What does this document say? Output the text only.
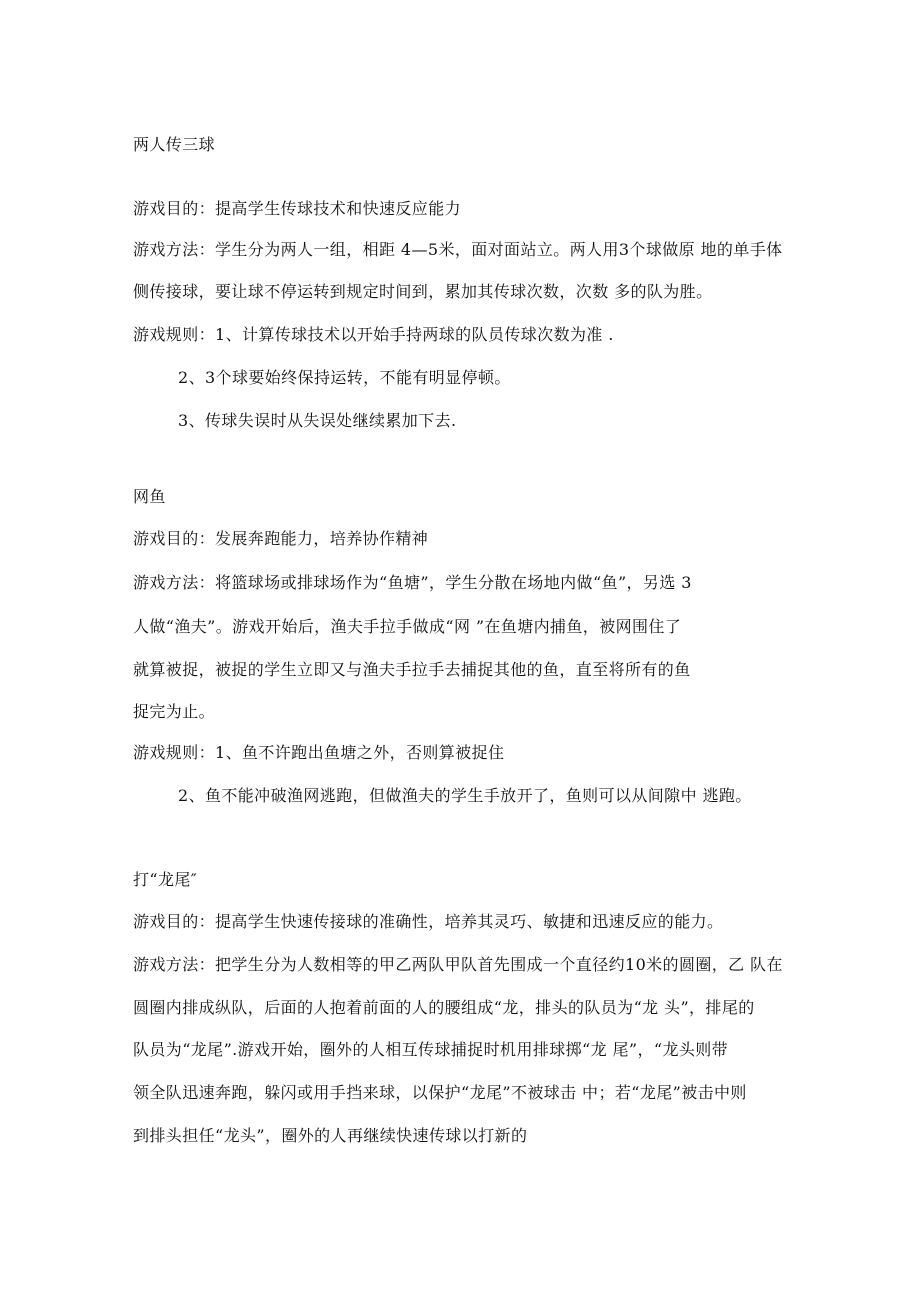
两人传三球
游戏目的：提高学生传球技术和快速反应能力
游戏方法：学生分为两人一组，相距 4—5米，面对面站立。两人用3个球做原 地的单手体
侧传接球，要让球不停运转到规定时间到，累加其传球次数，次数 多的队为胜。
游戏规则：1、计算传球技术以开始手持两球的队员传球次数为准 .
2、3个球要始终保持运转，不能有明显停顿。
3、传球失误时从失误处继续累加下去.
网鱼
游戏目的：发展奔跑能力，培养协作精神
游戏方法：将篮球场或排球场作为“鱼塘”，学生分散在场地内做“鱼”，另选 3
人做“渔夫”。游戏开始后，渔夫手拉手做成“网 ”在鱼塘内捕鱼，被网围住了
就算被捉，被捉的学生立即又与渔夫手拉手去捕捉其他的鱼，直至将所有的鱼
捉完为止。
游戏规则：1、鱼不许跑出鱼塘之外，否则算被捉住
2、鱼不能冲破渔网逃跑，但做渔夫的学生手放开了，鱼则可以从间隙中 逃跑。
打“龙尾″
游戏目的：提高学生快速传接球的准确性，培养其灵巧、敏捷和迅速反应的能力。
游戏方法：把学生分为人数相等的甲乙两队甲队首先围成一个直径约10米的圆圈，乙 队在
圆圈内排成纵队，后面的人抱着前面的人的腰组成“龙，排头的队员为“龙 头”，排尾的
队员为“龙尾”.游戏开始，圈外的人相互传球捕捉时机用排球掷“龙 尾”，“龙头则带
领全队迅速奔跑，躲闪或用手挡来球，以保护“龙尾”不被球击 中；若“龙尾”被击中则
到排头担任“龙头”，圈外的人再继续快速传球以打新的
